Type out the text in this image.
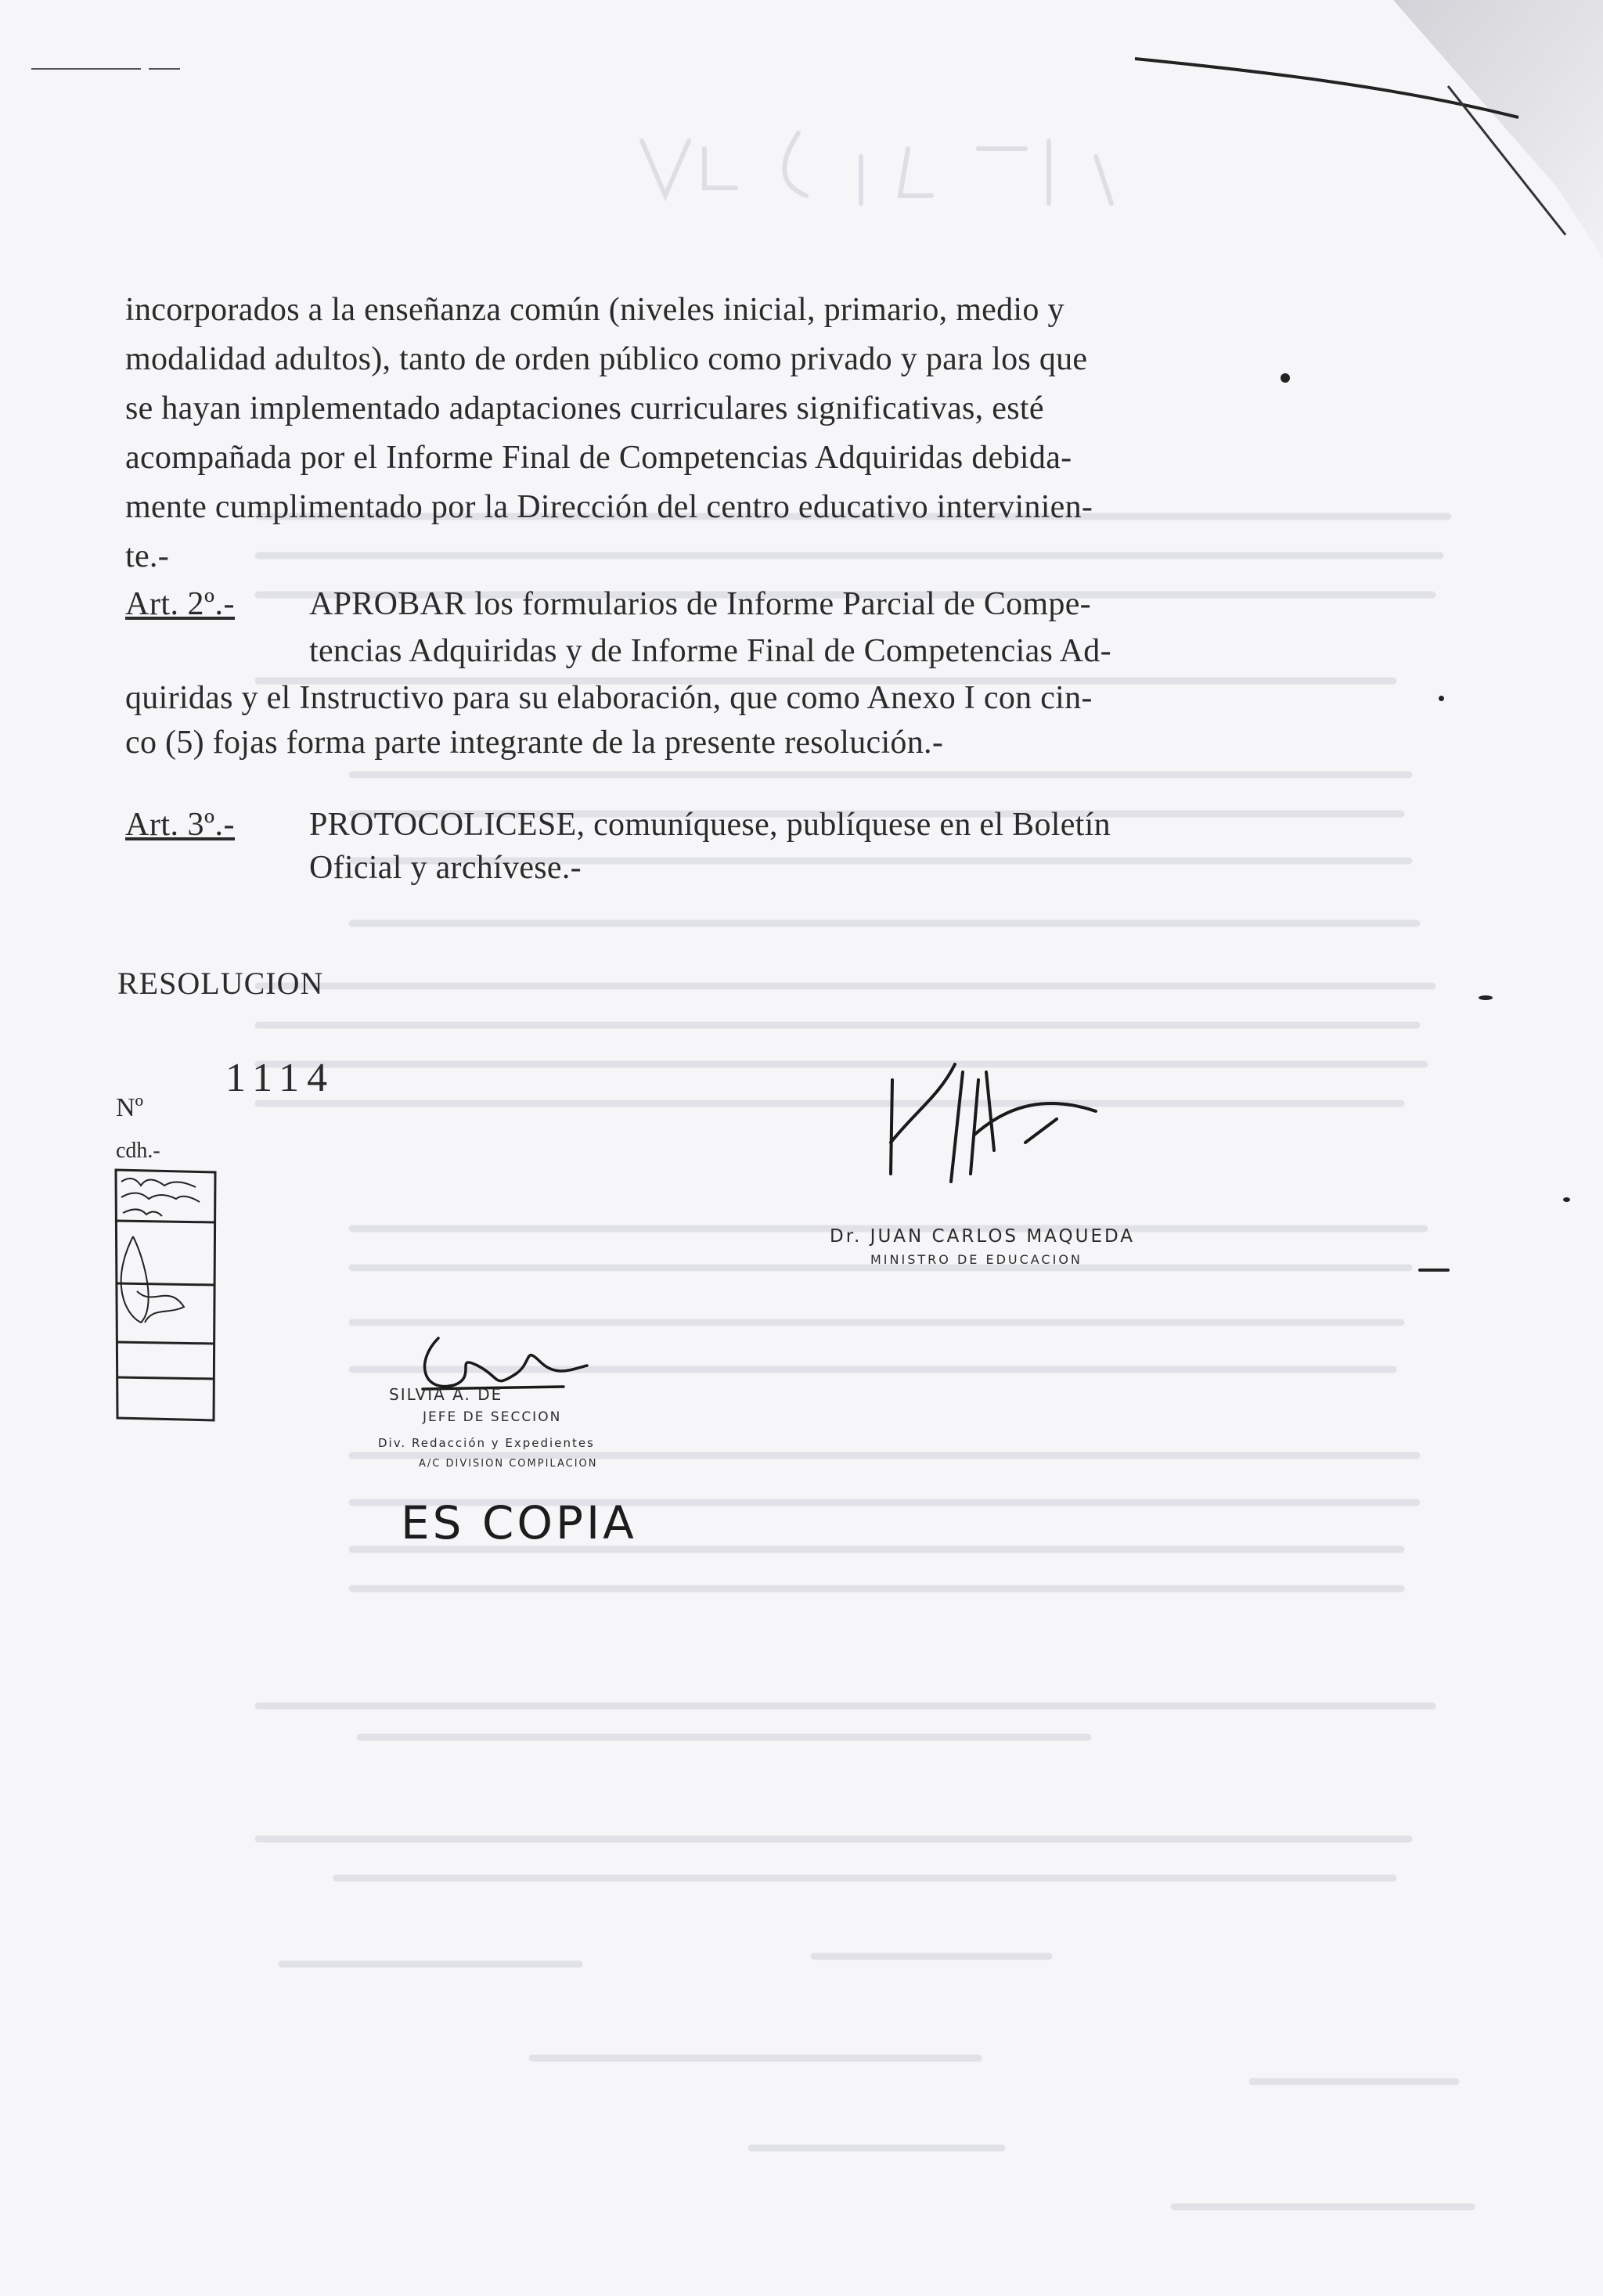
incorporados a la enseñanza común (niveles inicial, primario, medio y
modalidad adultos), tanto de orden público como privado y para los que
se hayan implementado adaptaciones curriculares significativas, esté
acompañada por el Informe Final de Competencias Adquiridas debida-
mente cumplimentado por la Dirección del centro educativo intervinien-
te.-
Art. 2º.- APROBAR los formularios de Informe Parcial de Compe-
tencias Adquiridas y de Informe Final de Competencias Ad-
quiridas y el Instructivo para su elaboración, que como Anexo I con cin-
co (5) fojas forma parte integrante de la presente resolución.-
Art. 3º.- PROTOCOLICESE, comuníquese, publíquese en el Boletín
Oficial y archívese.-
RESOLUCION
1114
Nº
cdh.-
Dr. JUAN CARLOS MAQUEDA
MINISTRO DE EDUCACION
SILVIA A. DE
JEFE DE SECCION
Div. Redacción y Expedientes
A/C DIVISION COMPILACION
ES COPIA
